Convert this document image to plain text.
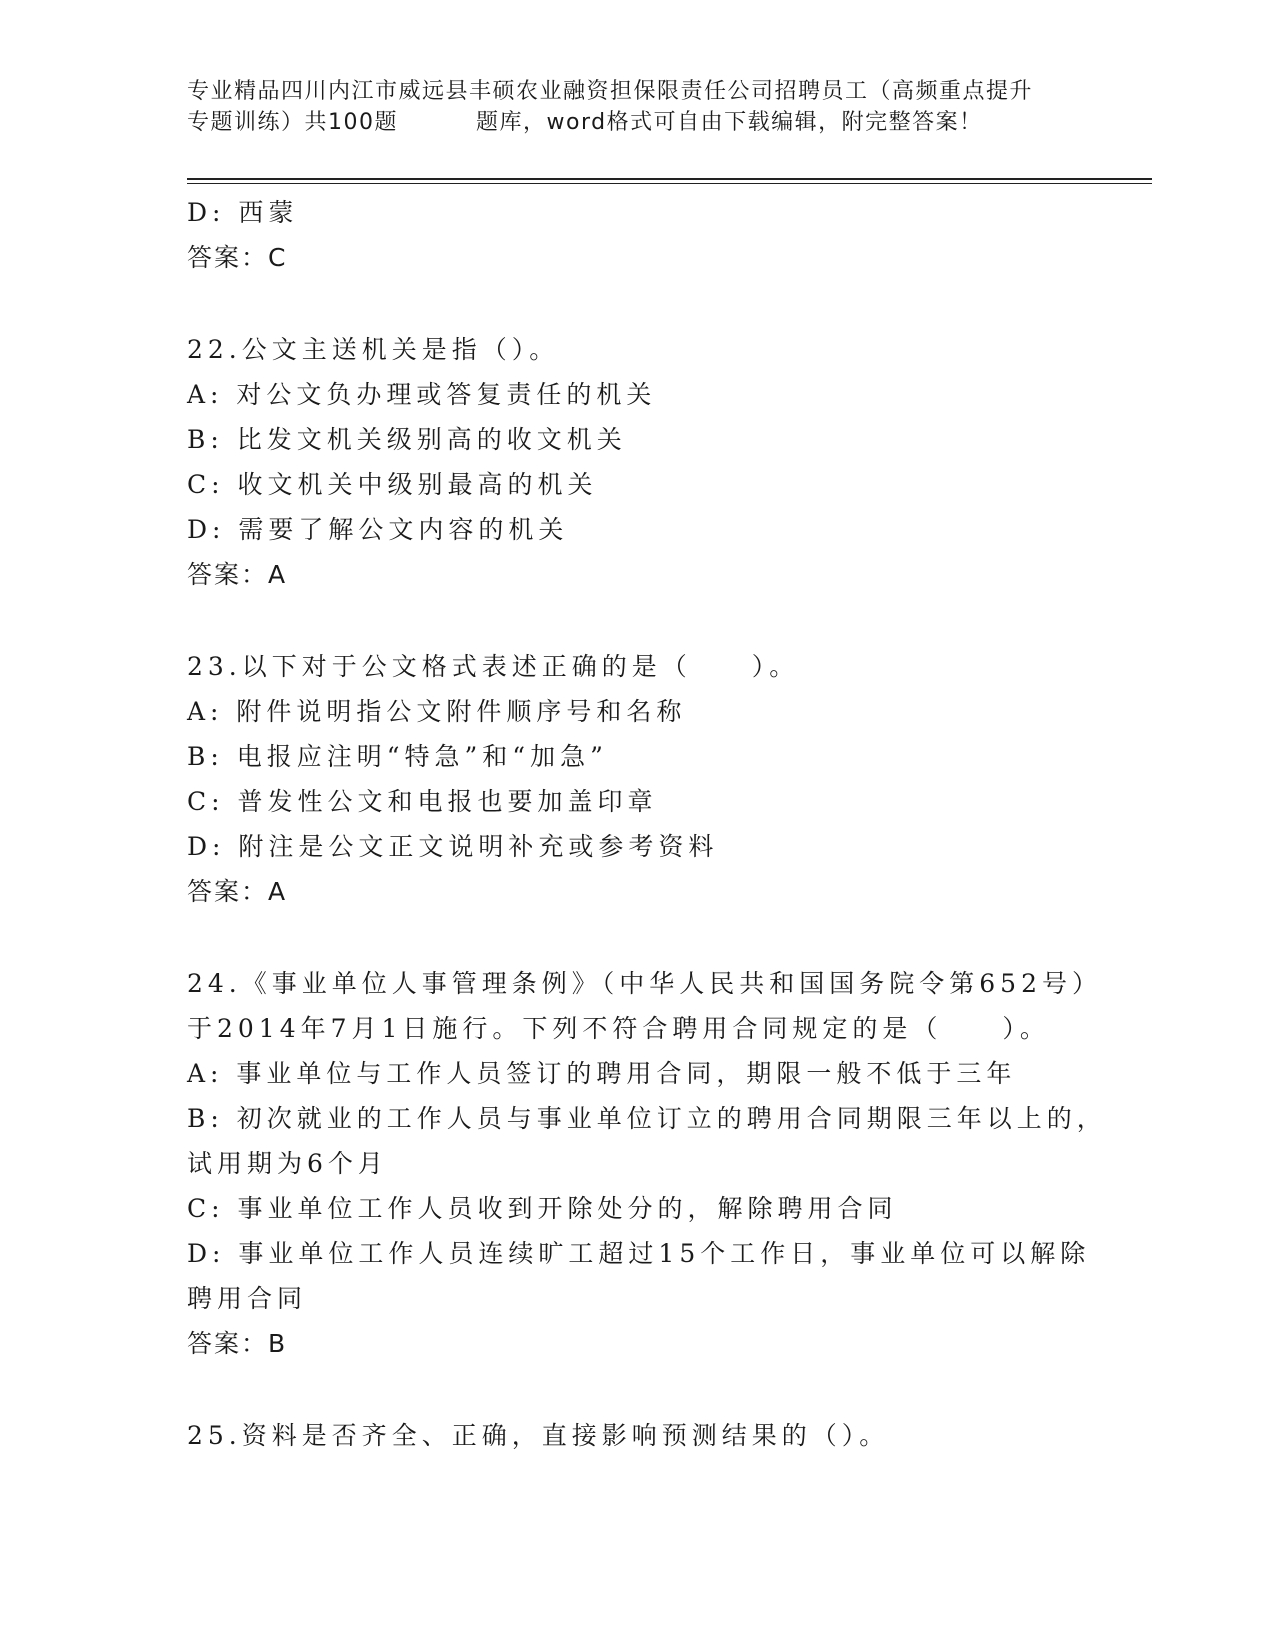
专业精品四川内江市威远县丰硕农业融资担保限责任公司招聘员工（高频重点提升
专题训练）共100题	题库，word格式可自由下载编辑，附完整答案！
D: 西蒙
答案：C
22.公文主送机关是指（）。
A: 对公文负办理或答复责任的机关
B: 比发文机关级别高的收文机关
C: 收文机关中级别最高的机关
D: 需要了解公文内容的机关
答案：A
23.以下对于公文格式表述正确的是（　　）。
A: 附件说明指公文附件顺序号和名称
B: 电报应注明“特急”和“加急”
C: 普发性公文和电报也要加盖印章
D: 附注是公文正文说明补充或参考资料
答案：A
24.《事业单位人事管理条例》（中华人民共和国国务院令第652号）
于2014年7月1日施行。下列不符合聘用合同规定的是（　　）。
A: 事业单位与工作人员签订的聘用合同，期限一般不低于三年
B: 初次就业的工作人员与事业单位订立的聘用合同期限三年以上的，
试用期为6个月
C: 事业单位工作人员收到开除处分的，解除聘用合同
D: 事业单位工作人员连续旷工超过15个工作日，事业单位可以解除
聘用合同
答案：B
25.资料是否齐全、正确，直接影响预测结果的（）。
